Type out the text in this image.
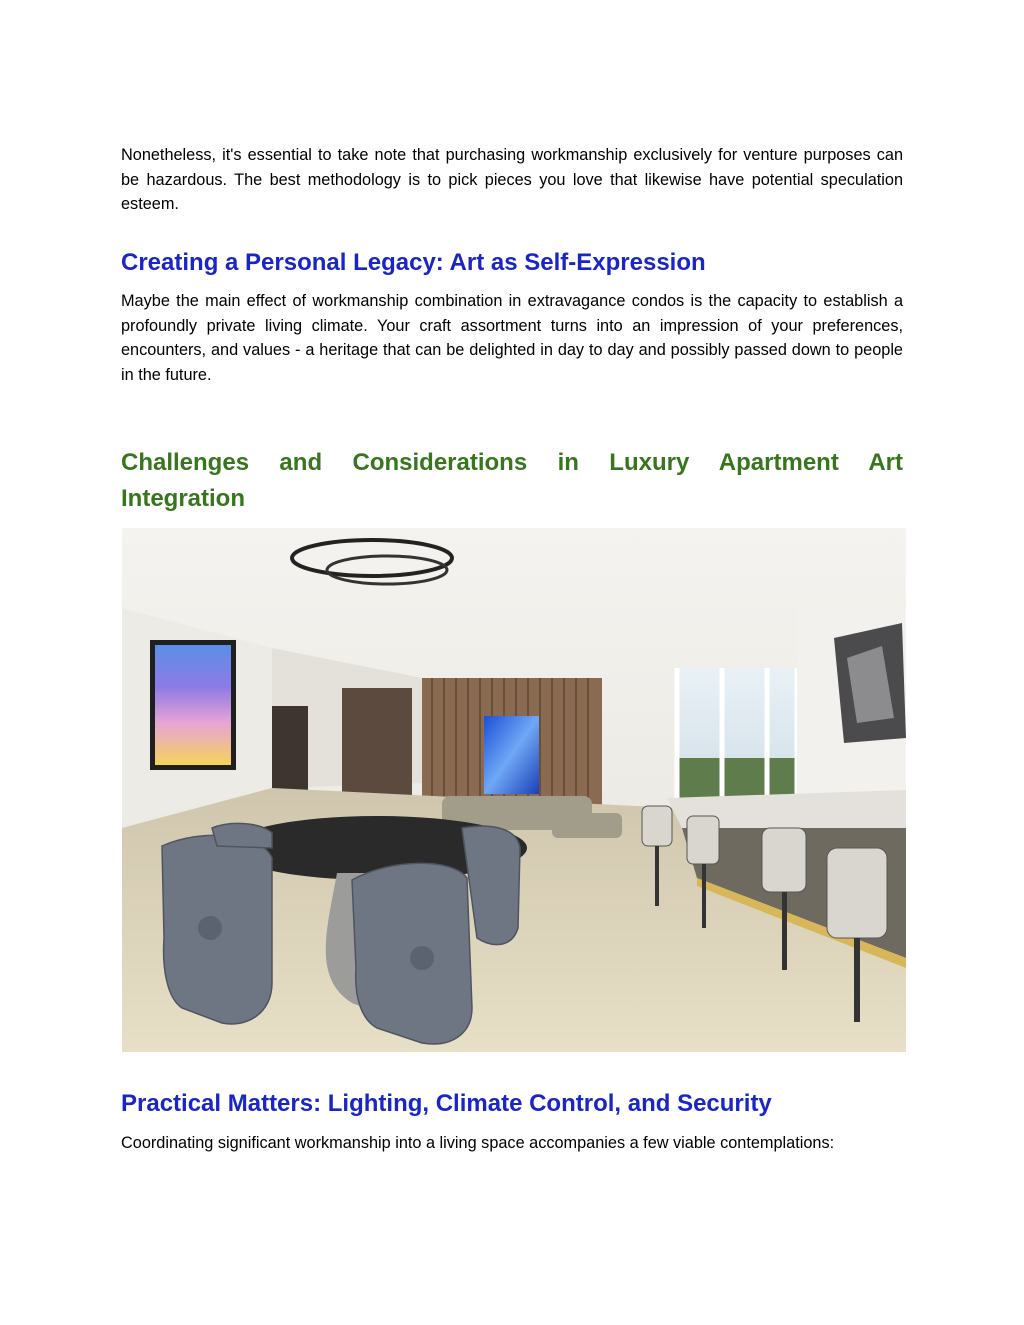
Nonetheless, it's essential to take note that purchasing workmanship exclusively for venture purposes can be hazardous. The best methodology is to pick pieces you love that likewise have potential speculation esteem.

Creating a Personal Legacy: Art as Self-Expression

Maybe the main effect of workmanship combination in extravagance condos is the capacity to establish a profoundly private living climate. Your craft assortment turns into an impression of your preferences, encounters, and values - a heritage that can be delighted in day to day and possibly passed down to people in the future.

Challenges and Considerations in Luxury Apartment Art
Integration
Practical Matters: Lighting, Climate Control, and Security

Coordinating significant workmanship into a living space accompanies a few viable contemplations:
